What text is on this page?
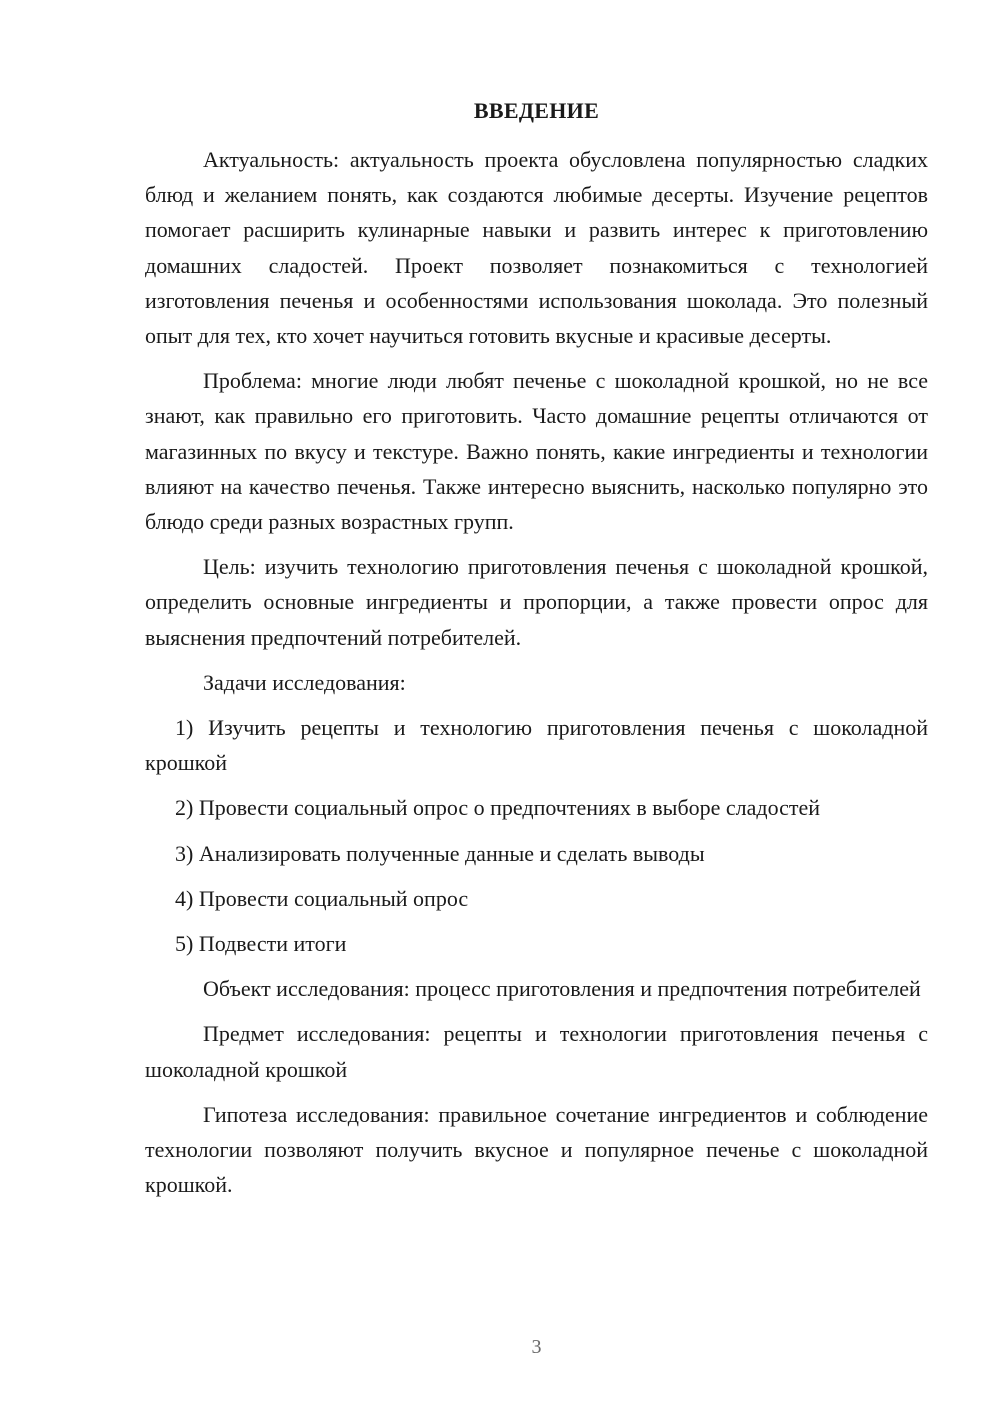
ВВЕДЕНИЕ

Актуальность: актуальность проекта обусловлена популярностью сладких блюд и желанием понять, как создаются любимые десерты. Изучение рецептов помогает расширить кулинарные навыки и развить интерес к приготовлению домашних сладостей. Проект позволяет познакомиться с технологией изготовления печенья и особенностями использования шоколада. Это полезный опыт для тех, кто хочет научиться готовить вкусные и красивые десерты.

Проблема: многие люди любят печенье с шоколадной крошкой, но не все знают, как правильно его приготовить. Часто домашние рецепты отличаются от магазинных по вкусу и текстуре. Важно понять, какие ингредиенты и технологии влияют на качество печенья. Также интересно выяснить, насколько популярно это блюдо среди разных возрастных групп.

Цель: изучить технологию приготовления печенья с шоколадной крошкой, определить основные ингредиенты и пропорции, а также провести опрос для выяснения предпочтений потребителей.

Задачи исследования:

1) Изучить рецепты и технологию приготовления печенья с шоколадной крошкой

2) Провести социальный опрос о предпочтениях в выборе сладостей

3) Анализировать полученные данные и сделать выводы

4) Провести социальный опрос

5) Подвести итоги

Объект исследования: процесс приготовления и предпочтения потребителей

Предмет исследования: рецепты и технологии приготовления печенья с шоколадной крошкой

Гипотеза исследования: правильное сочетание ингредиентов и соблюдение технологии позволяют получить вкусное и популярное печенье с шоколадной крошкой.

3
